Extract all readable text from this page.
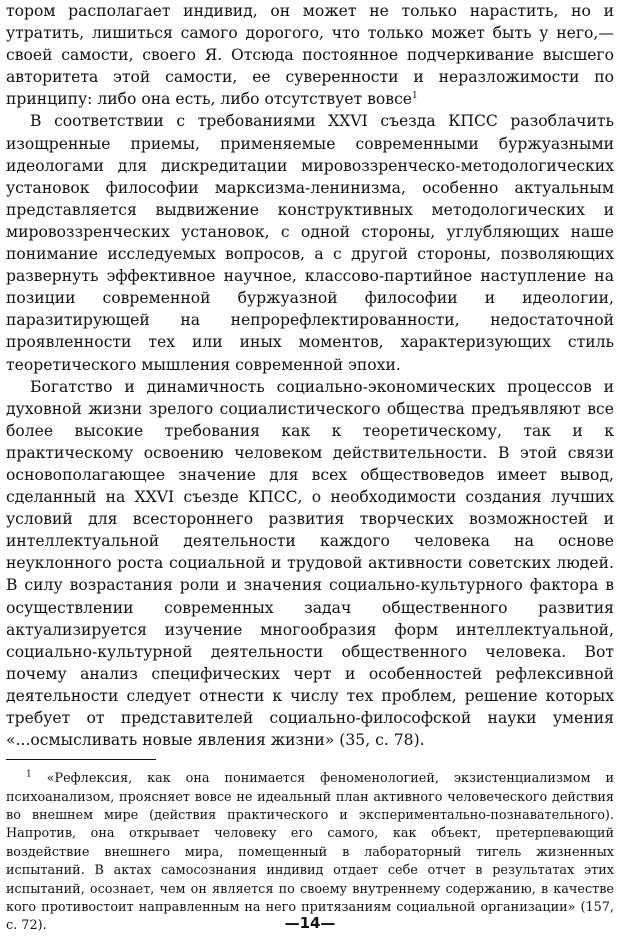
тором располагает индивид, он может не только нарастить, но и утратить, лишиться самого дорогого, что только может быть у него,— своей самости, своего Я. Отсюда постоянное подчеркивание высшего авторитета этой самости, ее суверенности и неразложимости по принципу: либо она есть, либо отсутствует вовсе$^1$

В соответствии с требованиями XXVI съезда КПСС разоблачить изощренные приемы, применяемые современными буржуазными идеологами для дискредитации мировоззренческо-методологических установок философии марксизма-ленинизма, особенно актуальным представляется выдвижение конструктивных методологических и мировоззренческих установок, с одной стороны, углубляющих наше понимание исследуемых вопросов, а с другой стороны, позволяющих развернуть эффективное научное, классово-партийное наступление на позиции современной буржуазной философии и идеологии, паразитирующей на непрорефлектированности, недостаточной проявленности тех или иных моментов, характеризующих стиль теоретического мышления современной эпохи.

Богатство и динамичность социально-экономических процессов и духовной жизни зрелого социалистического общества предъявляют все более высокие требования как к теоретическому, так и к практическому освоению человеком действительности. В этой связи основополагающее значение для всех обществоведов имеет вывод, сделанный на XXVI съезде КПСС, о необходимости создания лучших условий для всестороннего развития творческих возможностей и интеллектуальной деятельности каждого человека на основе неуклонного роста социальной и трудовой активности советских людей. В силу возрастания роли и значения социально-культурного фактора в осуществлении современных задач общественного развития актуализируется изучение многообразия форм интеллектуальной, социально-культурной деятельности общественного человека. Вот почему анализ специфических черт и особенностей рефлексивной деятельности следует отнести к числу тех проблем, решение которых требует от представителей социально-философской науки умения «...осмысливать новые явления жизни» (35, с. 78).

$^1$ «Рефлексия, как она понимается феноменологией, экзистенциализмом и психоанализом, проясняет вовсе не идеальный план активного человеческого действия во внешнем мире (действия практического и экспериментально-познавательного). Напротив, она открывает человеку его самого, как объект, претерпевающий воздействие внешнего мира, помещенный в лабораторный тигель жизненных испытаний. В актах самосознания индивид отдает себе отчет в результатах этих испытаний, осознает, чем он является по своему внутреннему содержанию, в качестве кого противостоит направленным на него притязаниям социальной организации» (157, с. 72).	—14—
